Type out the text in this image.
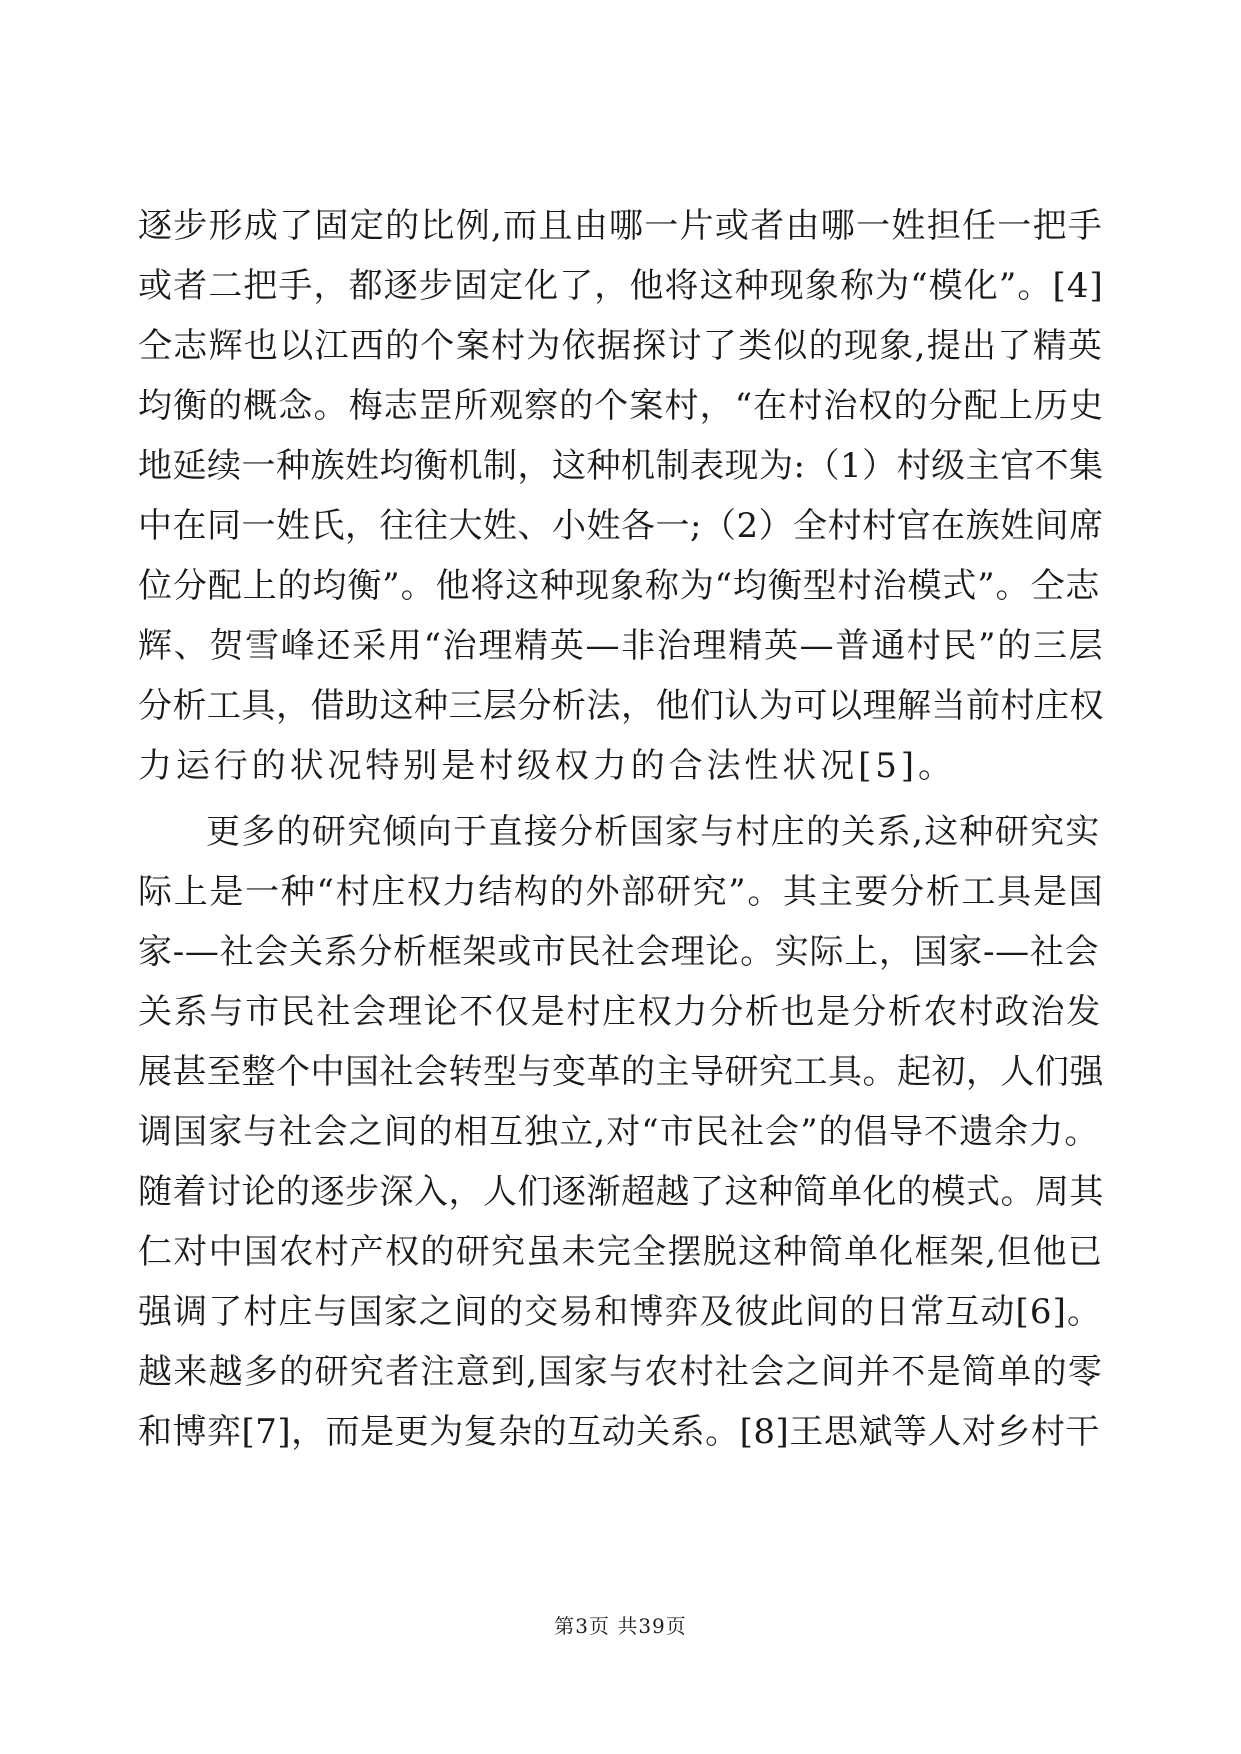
逐步形成了固定的比例,而且由哪一片或者由哪一姓担任一把手
或者二把手，都逐步固定化了，他将这种现象称为“模化”。[4]
仝志辉也以江西的个案村为依据探讨了类似的现象,提出了精英
均衡的概念。梅志罡所观察的个案村，“在村治权的分配上历史
地延续一种族姓均衡机制，这种机制表现为:（1）村级主官不集
中在同一姓氏，往往大姓、小姓各一;（2）全村村官在族姓间席
位分配上的均衡”。他将这种现象称为“均衡型村治模式”。仝志
辉、贺雪峰还采用“治理精英—非治理精英—普通村民”的三层
分析工具，借助这种三层分析法，他们认为可以理解当前村庄权
力运行的状况特别是村级权力的合法性状况[5]。
更多的研究倾向于直接分析国家与村庄的关系,这种研究实
际上是一种“村庄权力结构的外部研究”。其主要分析工具是国
家-—社会关系分析框架或市民社会理论。实际上，国家-—社会
关系与市民社会理论不仅是村庄权力分析也是分析农村政治发
展甚至整个中国社会转型与变革的主导研究工具。起初，人们强
调国家与社会之间的相互独立,对“市民社会”的倡导不遗余力。
随着讨论的逐步深入，人们逐渐超越了这种简单化的模式。周其
仁对中国农村产权的研究虽未完全摆脱这种简单化框架,但他已
强调了村庄与国家之间的交易和博弈及彼此间的日常互动[6]。
越来越多的研究者注意到,国家与农村社会之间并不是简单的零
和博弈[7]，而是更为复杂的互动关系。[8]王思斌等人对乡村干
第3页 共39页
